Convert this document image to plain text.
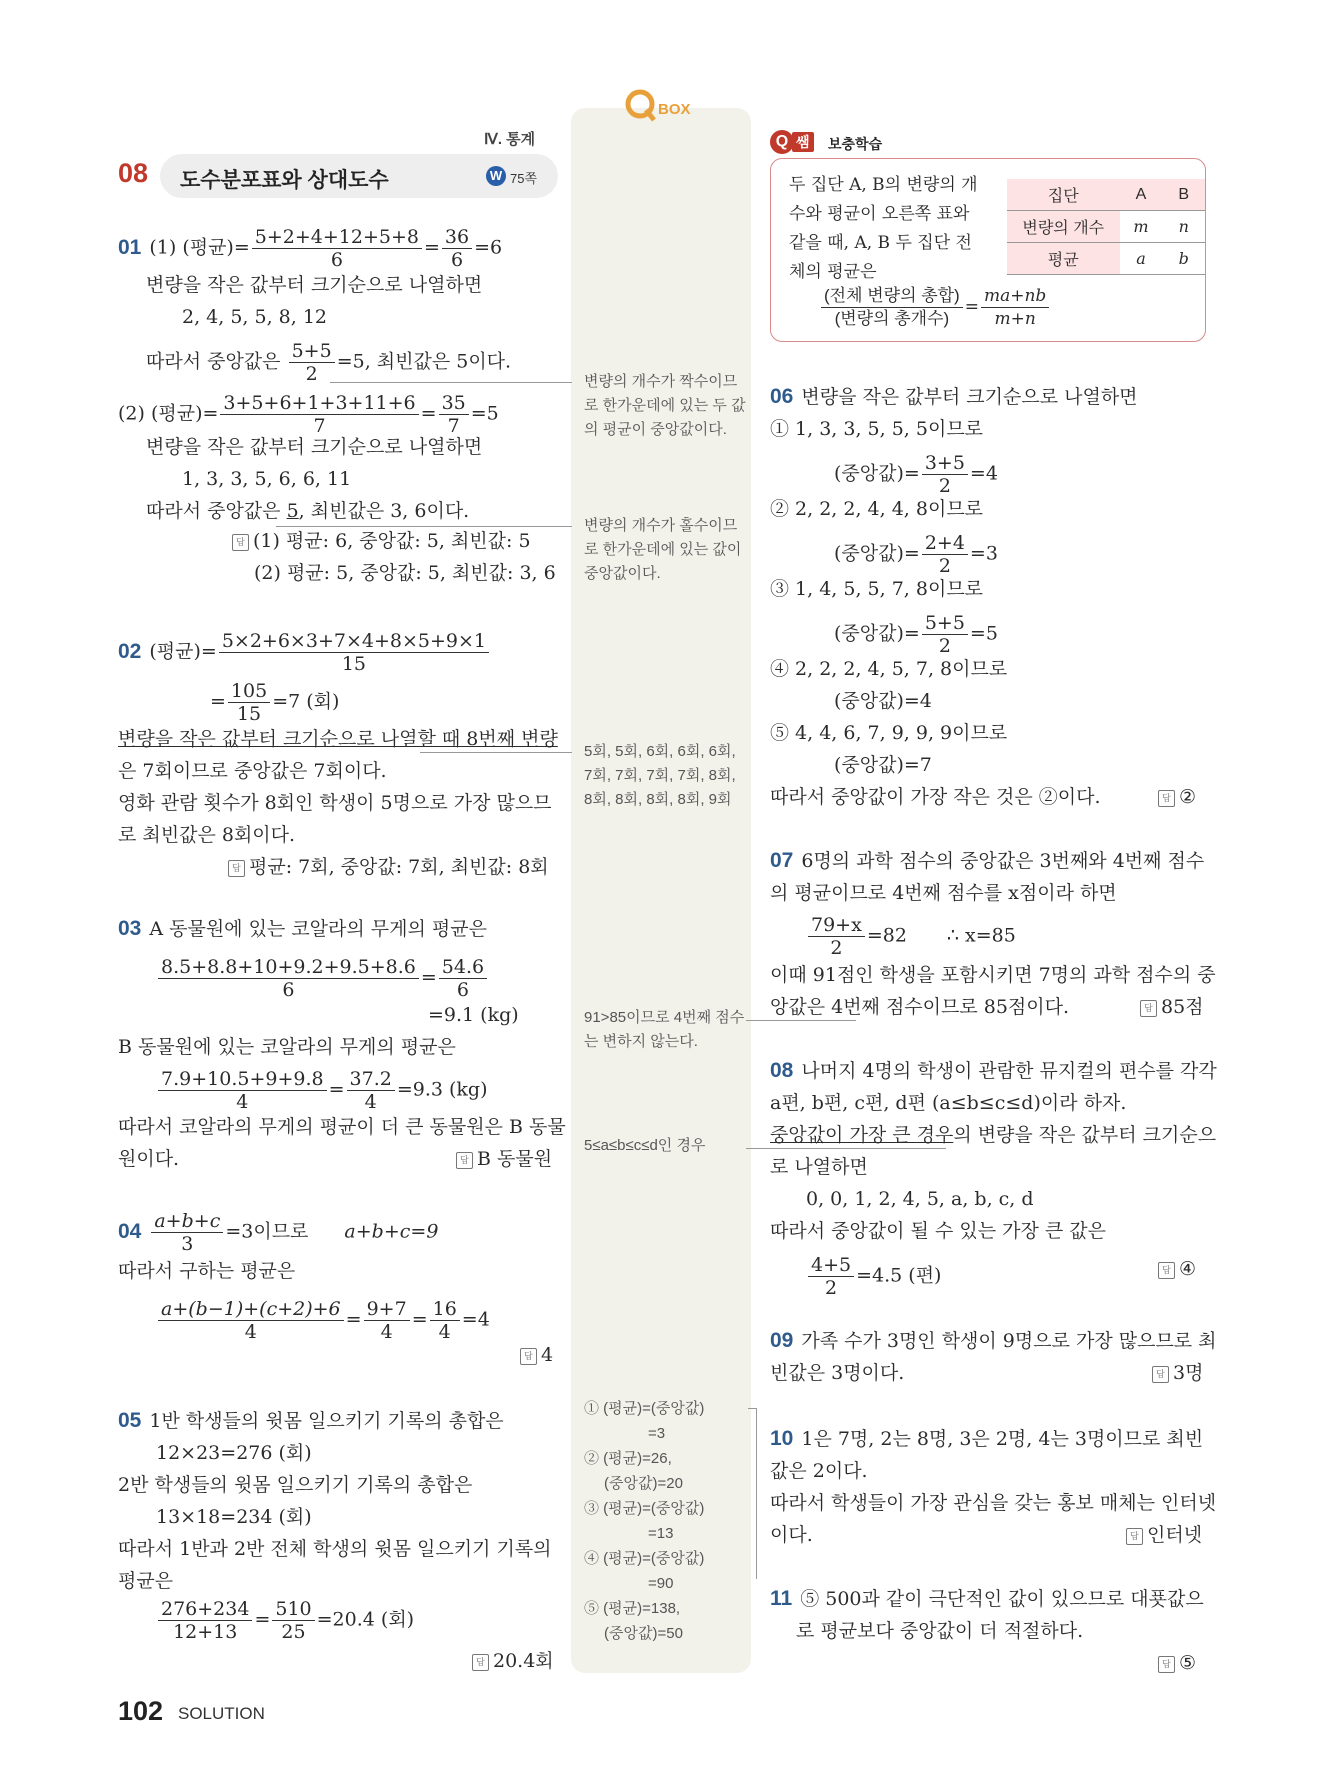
Ⅳ. 통계
08 도수분포표와 상대도수	W 75쪽
BOX
01 (1) (평균)= $\frac{5+2+4+12+5+8}{6} = \frac{36}{6} =6$
변량을 작은 값부터 크기순으로 나열하면
2, 4, 5, 5, 8, 12
따라서 중앙값은 $\frac{5+5}{2} =5$, 최빈값은 5이다.
(2) (평균)= $\frac{3+5+6+1+3+11+6}{7} = \frac{35}{7} =5$
변량을 작은 값부터 크기순으로 나열하면
1, 3, 3, 5, 6, 6, 11
따라서 중앙값은 5, 최빈값은 3, 6이다.
답 (1) 평균: 6, 중앙값: 5, 최빈값: 5
(2) 평균: 5, 중앙값: 5, 최빈값: 3, 6
02 (평균)= $\frac{5\times 2+6\times 3+7\times 4+8\times 5+9\times 1}{15}$
= $\frac{105}{15} =7$ (회)
변량을 작은 값부터 크기순으로 나열할 때 8번째 변량
은 7회이므로 중앙값은 7회이다.
영화 관람 횟수가 8회인 학생이 5명으로 가장 많으므
로 최빈값은 8회이다.
답 평균: 7회, 중앙값: 7회, 최빈값: 8회
03 A 동물원에 있는 코알라의 무게의 평균은
$\frac{8.5+8.8+10+9.2+9.5+8.6}{6} = \frac{54.6}{6}$
=9.1 (kg)
B 동물원에 있는 코알라의 무게의 평균은
$\frac{7.9+10.5+9+9.8}{4} = \frac{37.2}{4} =9.3$ (kg)
따라서 코알라의 무게의 평균이 더 큰 동물원은 B 동물
원이다.	답 B 동물원
$04 \frac{a+b+c}{3} =3$이므로 a+b+c=9
따라서 구하는 평균은
$\frac{a+(b-1)+(c+2)+6}{4} = \frac{9+7}{4} = \frac{16}{4} =4$
답 4
05 1반 학생들의 윗몸 일으키기 기록의 총합은
12×23=276 (회)
2반 학생들의 윗몸 일으키기 기록의 총합은
13×18=234 (회)
따라서 1반과 2반 전체 학생의 윗몸 일으키기 기록의
평균은
$\frac{276+234}{12+13} = \frac{510}{25} =20.4$ (회)
답 20.4회
변량의 개수가 짝수이므로 한가운데에 있는 두 값의 평균이 중앙값이다.
변량의 개수가 홀수이므로 한가운데에 있는 값이 중앙값이다.
5회, 5회, 6회, 6회, 6회, 7회, 7회, 7회, 7회, 8회, 8회, 8회, 8회, 8회, 9회
91>85이므로 4번째 점수는 변하지 않는다.
5≤a≤b≤c≤d인 경우
① (평균)=(중앙값)
=3
② (평균)=26,
(중앙값)=20
③ (평균)=(중앙값)
=13
④ (평균)=(중앙값)
=90
⑤ (평균)=138,
(중앙값)=50
Q 쌤 보충학습
두 집단 A, B의 변량의 개
수와 평균이 오른쪽 표와
같을 때, A, B 두 집단 전
체의 평균은
집단	A	B
변량의 개수	m	n
평균	a	b
$\frac{\text{(전체 변량의 총합)}}{\text{(변량의 총개수)}} = \frac{ma+nb}{m+n}$
06 변량을 작은 값부터 크기순으로 나열하면
① 1, 3, 3, 5, 5, 5이므로
(중앙값)= $\frac{3+5}{2} =4$
② 2, 2, 2, 4, 4, 8이므로
(중앙값)= $\frac{2+4}{2} =3$
③ 1, 4, 5, 5, 7, 8이므로
(중앙값)= $\frac{5+5}{2} =5$
④ 2, 2, 2, 4, 5, 7, 8이므로
(중앙값)=4
⑤ 4, 4, 6, 7, 9, 9, 9이므로
(중앙값)=7
따라서 중앙값이 가장 작은 것은 ②이다.	답 ②
07 6명의 과학 점수의 중앙값은 3번째와 4번째 점수
의 평균이므로 4번째 점수를 x점이라 하면
$\frac{79+x}{2} =82$ ∴ x=85
이때 91점인 학생을 포함시키면 7명의 과학 점수의 중
앙값은 4번째 점수이므로 85점이다.	답 85점
08 나머지 4명의 학생이 관람한 뮤지컬의 편수를 각각
a편, b편, c편, d편 (a≤b≤c≤d)이라 하자.
중앙값이 가장 큰 경우의 변량을 작은 값부터 크기순으
로 나열하면
0, 0, 1, 2, 4, 5, a, b, c, d
따라서 중앙값이 될 수 있는 가장 큰 값은
$\frac{4+5}{2} =4.5$ (편)	답 ④
09 가족 수가 3명인 학생이 9명으로 가장 많으므로 최
빈값은 3명이다.	답 3명
10 1은 7명, 2는 8명, 3은 2명, 4는 3명이므로 최빈
값은 2이다.
따라서 학생들이 가장 관심을 갖는 홍보 매체는 인터넷
이다.	답 인터넷
11 ⑤ 500과 같이 극단적인 값이 있으므로 대푯값으
로 평균보다 중앙값이 더 적절하다.
답 ⑤
102 SOLUTION
